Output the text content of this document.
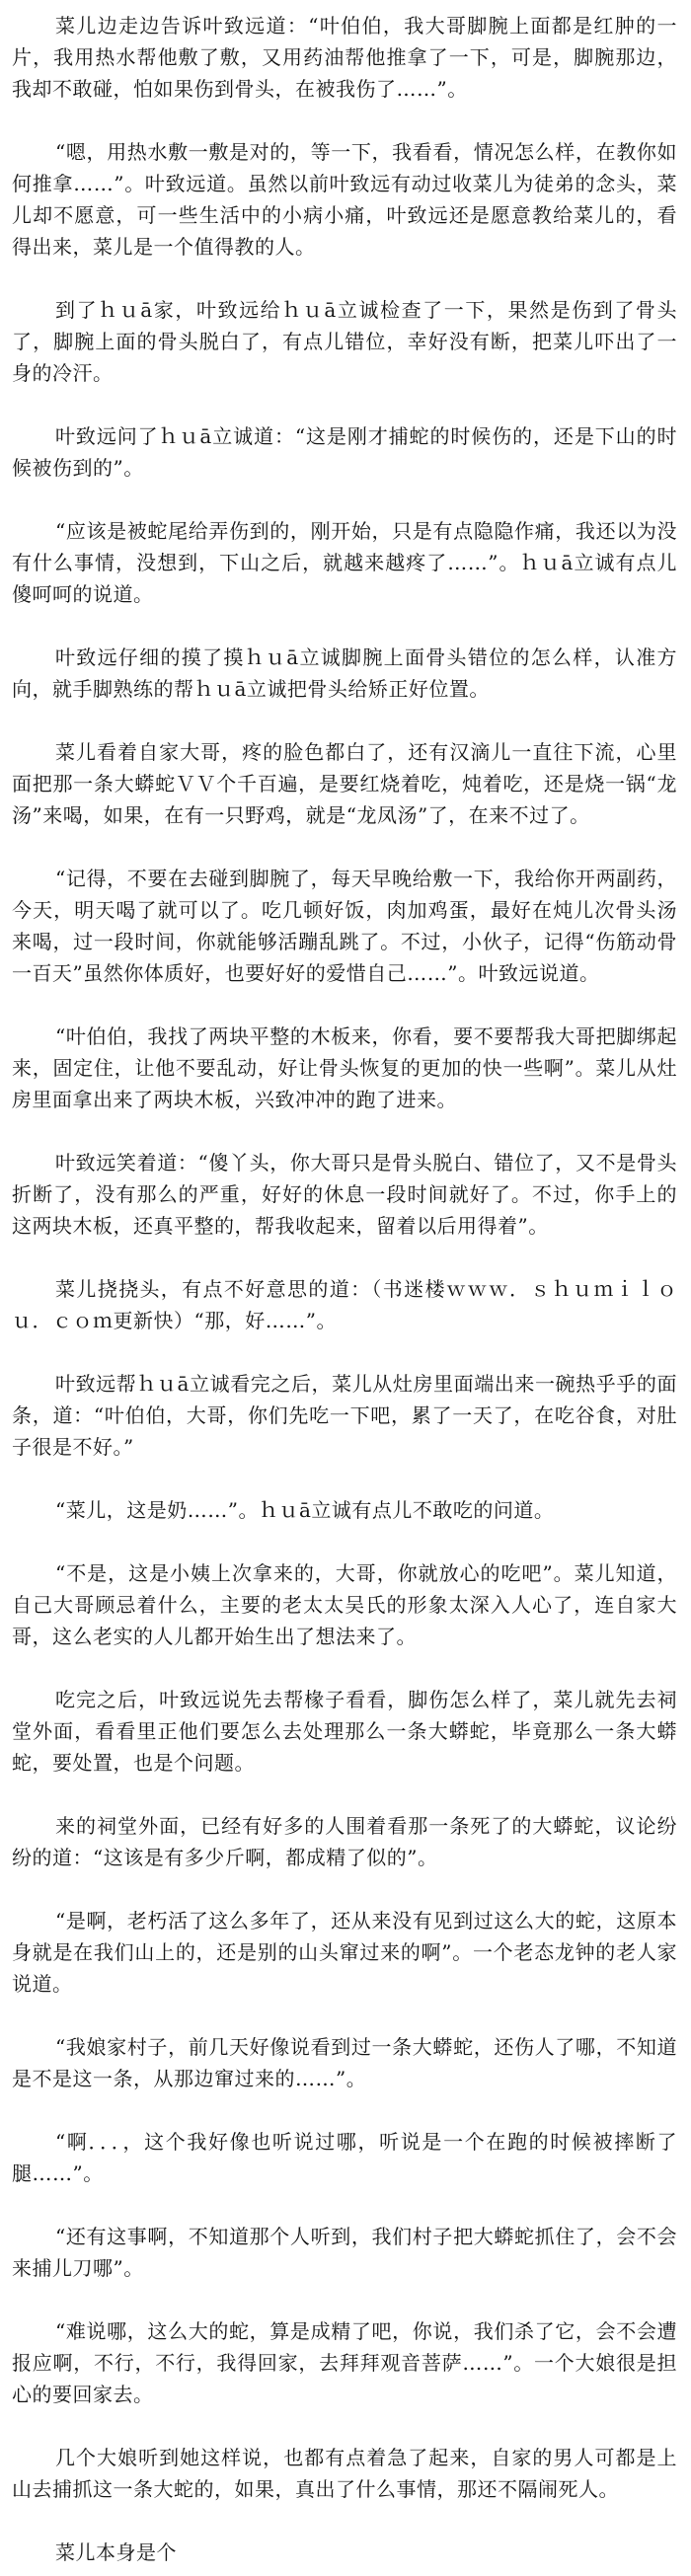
菜儿边走边告诉叶致远道：“叶伯伯，我大哥脚腕上面都是红肿的一片，我用热水帮他敷了敷，又用药油帮他推拿了一下，可是，脚腕那边，我却不敢碰，怕如果伤到骨头，在被我伤了……”。

“嗯，用热水敷一敷是对的，等一下，我看看，情况怎么样，在教你如何推拿……”。叶致远道。虽然以前叶致远有动过收菜儿为徒弟的念头，菜儿却不愿意，可一些生活中的小病小痛，叶致远还是愿意教给菜儿的，看得出来，菜儿是一个值得教的人。

到了ｈｕā家，叶致远给ｈｕā立诚检查了一下，果然是伤到了骨头了，脚腕上面的骨头脱白了，有点儿错位，幸好没有断，把菜儿吓出了一身的冷汗。

叶致远问了ｈｕā立诚道：“这是刚才捕蛇的时候伤的，还是下山的时候被伤到的”。

“应该是被蛇尾给弄伤到的，刚开始，只是有点隐隐作痛，我还以为没有什么事情，没想到，下山之后，就越来越疼了……”。ｈｕā立诚有点儿傻呵呵的说道。

叶致远仔细的摸了摸ｈｕā立诚脚腕上面骨头错位的怎么样，认准方向，就手脚熟练的帮ｈｕā立诚把骨头给矫正好位置。

菜儿看着自家大哥，疼的脸色都白了，还有汉滴儿一直往下流，心里面把那一条大蟒蛇ＶＶ个千百遍，是要红烧着吃，炖着吃，还是烧一锅“龙汤”来喝，如果，在有一只野鸡，就是“龙凤汤”了，在来不过了。

“记得，不要在去碰到脚腕了，每天早晚给敷一下，我给你开两副药，今天，明天喝了就可以了。吃几顿好饭，肉加鸡蛋，最好在炖儿次骨头汤来喝，过一段时间，你就能够活蹦乱跳了。不过，小伙子，记得“伤筋动骨一百天”虽然你体质好，也要好好的爱惜自己……”。叶致远说道。

“叶伯伯，我找了两块平整的木板来，你看，要不要帮我大哥把脚绑起来，固定住，让他不要乱动，好让骨头恢复的更加的快一些啊”。菜儿从灶房里面拿出来了两块木板，兴致冲冲的跑了进来。

叶致远笑着道：“傻丫头，你大哥只是骨头脱白、错位了，又不是骨头折断了，没有那么的严重，好好的休息一段时间就好了。不过，你手上的这两块木板，还真平整的，帮我收起来，留着以后用得着”。

菜儿挠挠头，有点不好意思的道：（书迷楼ｗｗｗ．ｓｈｕｍｉｌｏｕ．ｃｏｍ更新快）“那，好……”。

叶致远帮ｈｕā立诚看完之后，菜儿从灶房里面端出来一碗热乎乎的面条，道：“叶伯伯，大哥，你们先吃一下吧，累了一天了，在吃谷食，对肚子很是不好。”

“菜儿，这是奶……”。ｈｕā立诚有点儿不敢吃的问道。

“不是，这是小姨上次拿来的，大哥，你就放心的吃吧”。菜儿知道，自己大哥顾忌着什么，主要的老太太吴氏的形象太深入人心了，连自家大哥，这么老实的人儿都开始生出了想法来了。

吃完之后，叶致远说先去帮椽子看看，脚伤怎么样了，菜儿就先去祠堂外面，看看里正他们要怎么去处理那么一条大蟒蛇，毕竟那么一条大蟒蛇，要处置，也是个问题。

来的祠堂外面，已经有好多的人围着看那一条死了的大蟒蛇，议论纷纷的道：“这该是有多少斤啊，都成精了似的”。

“是啊，老朽活了这么多年了，还从来没有见到过这么大的蛇，这原本身就是在我们山上的，还是别的山头窜过来的啊”。一个老态龙钟的老人家说道。

“我娘家村子，前几天好像说看到过一条大蟒蛇，还伤人了哪，不知道是不是这一条，从那边窜过来的……”。

“啊．．．，这个我好像也听说过哪，听说是一个在跑的时候被摔断了腿……”。

“还有这事啊，不知道那个人听到，我们村子把大蟒蛇抓住了，会不会来捕儿刀哪”。

“难说哪，这么大的蛇，算是成精了吧，你说，我们杀了它，会不会遭报应啊，不行，不行，我得回家，去拜拜观音菩萨……”。一个大娘很是担心的要回家去。

几个大娘听到她这样说，也都有点着急了起来，自家的男人可都是上山去捕抓这一条大蛇的，如果，真出了什么事情，那还不隔闹死人。

菜儿本身是个
